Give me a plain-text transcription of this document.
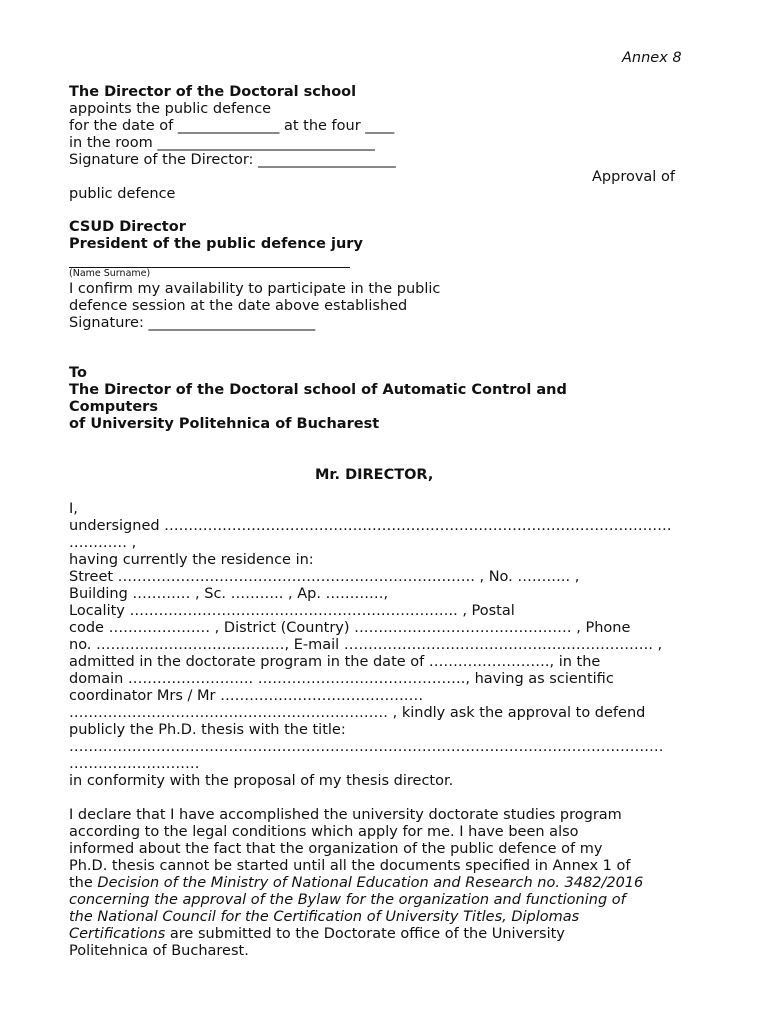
Annex 8
The Director of the Doctoral school
appoints the public defence
for the date of ______________ at the four ____
in the room ______________________________
Signature of the Director: ___________________
Approval of
public defence
CSUD Director
President of the public defence jury
(Name Surname)
I confirm my availability to participate in the public
defence session at the date above established
Signature: _______________________
To
The Director of the Doctoral school of Automatic Control and
Computers
of University Politehnica of Bucharest
Mr. DIRECTOR,
I,
undersigned ……………………………………………………………………………………………
………… ,
having currently the residence in:
Street ……………………………………………………………….. , No. ……….. ,
Building ………… , Sc. ……….. , Ap. …………,
Locality ………………………………………………………….. , Postal
code ………………… , District (Country) ……………………………………… , Phone
no. …………………………………, E-mail ………………………………………………………. ,
admitted in the doctorate program in the date of ……………………., in the
domain …………………….. ……………………………………., having as scientific
coordinator Mrs / Mr ……………………………………
………………………………………………………… , kindly ask the approval to defend
publicly the Ph.D. thesis with the title:
……………………………………………………………………………………………………………
………………………
in conformity with the proposal of my thesis director.
I declare that I have accomplished the university doctorate studies program
according to the legal conditions which apply for me. I have been also
informed about the fact that the organization of the public defence of my
Ph.D. thesis cannot be started until all the documents specified in Annex 1 of
the Decision of the Ministry of National Education and Research no. 3482/2016
concerning the approval of the Bylaw for the organization and functioning of
the National Council for the Certification of University Titles, Diplomas
Certifications are submitted to the Doctorate office of the University
Politehnica of Bucharest.
